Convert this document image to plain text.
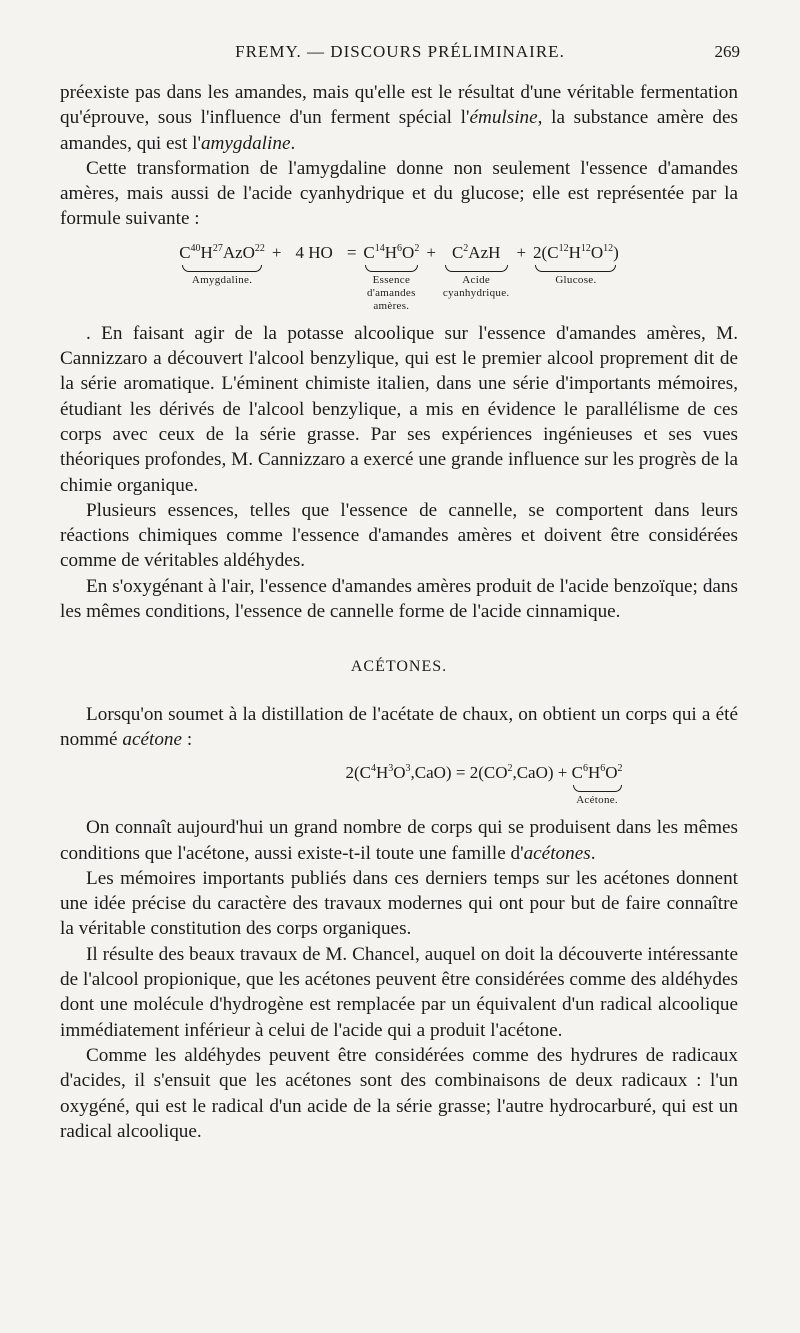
FREMY. — DISCOURS PRÉLIMINAIRE.	269

préexiste pas dans les amandes, mais qu'elle est le résultat d'une véritable fermentation qu'éprouve, sous l'influence d'un ferment spécial l'émulsine, la substance amère des amandes, qui est l'amygdaline.

Cette transformation de l'amygdaline donne non seulement l'essence d'amandes amères, mais aussi de l'acide cyanhydrique et du glucose; elle est représentée par la formule suivante :

$C^{40}H^{27}AzO^{22}$
Amygdaline.
+ 4 HO = $C^{14}H^6O^2$
Essence
d'amandes
amères.
+ $C^2AzH$
Acide
cyanhydrique.
+ $2(C^{12}H^{12}O^{12})$
Glucose.

. En faisant agir de la potasse alcoolique sur l'essence d'amandes amères, M. Cannizzaro a découvert l'alcool benzylique, qui est le premier alcool proprement dit de la série aromatique. L'éminent chimiste italien, dans une série d'importants mémoires, étudiant les dérivés de l'alcool benzylique, a mis en évidence le parallélisme de ces corps avec ceux de la série grasse. Par ses expériences ingénieuses et ses vues théoriques profondes, M. Cannizzaro a exercé une grande influence sur les progrès de la chimie organique.

Plusieurs essences, telles que l'essence de cannelle, se comportent dans leurs réactions chimiques comme l'essence d'amandes amères et doivent être considérées comme de véritables aldéhydes.

En s'oxygénant à l'air, l'essence d'amandes amères produit de l'acide benzoïque; dans les mêmes conditions, l'essence de cannelle forme de l'acide cinnamique.

ACÉTONES.

Lorsqu'on soumet à la distillation de l'acétate de chaux, on obtient un corps qui a été nommé acétone :

$2(C^4H^3O^3,CaO) = 2(CO^2,CaO) + C^6H^6O^2$
Acétone.

On connaît aujourd'hui un grand nombre de corps qui se produisent dans les mêmes conditions que l'acétone, aussi existe-t-il toute une famille d'acétones.

Les mémoires importants publiés dans ces derniers temps sur les acétones donnent une idée précise du caractère des travaux modernes qui ont pour but de faire connaître la véritable constitution des corps organiques.

Il résulte des beaux travaux de M. Chancel, auquel on doit la découverte intéressante de l'alcool propionique, que les acétones peuvent être considérées comme des aldéhydes dont une molécule d'hydrogène est remplacée par un équivalent d'un radical alcoolique immédiatement inférieur à celui de l'acide qui a produit l'acétone.

Comme les aldéhydes peuvent être considérées comme des hydrures de radicaux d'acides, il s'ensuit que les acétones sont des combinaisons de deux radicaux : l'un oxygéné, qui est le radical d'un acide de la série grasse; l'autre hydrocarburé, qui est un radical alcoolique.
